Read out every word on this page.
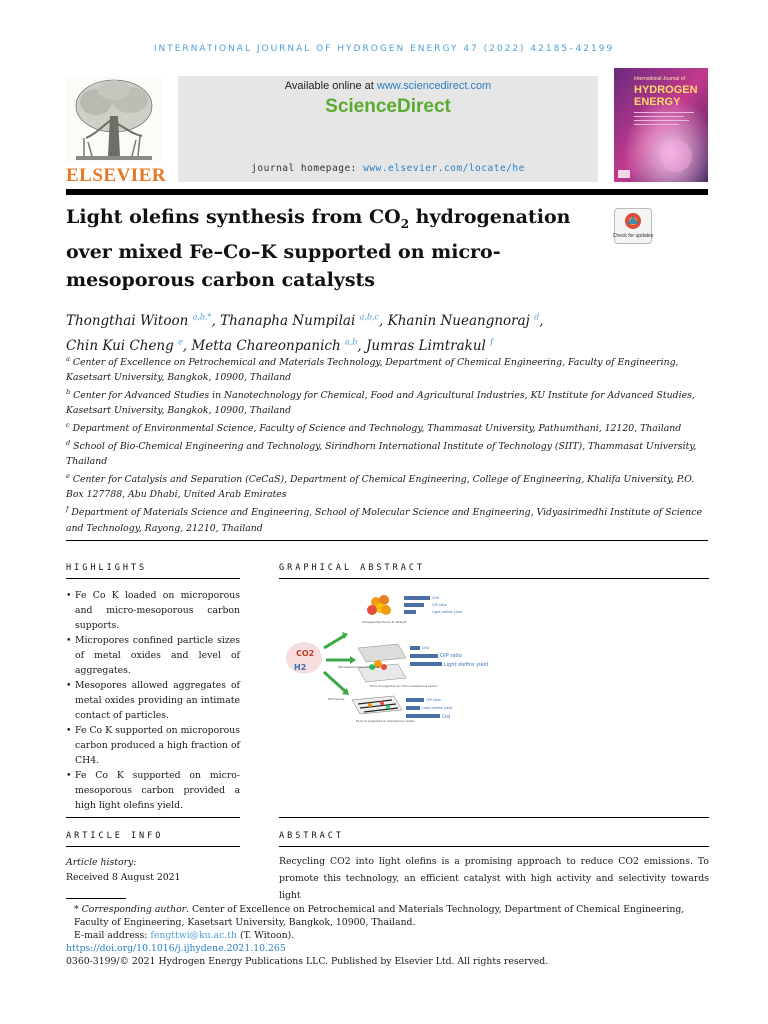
INTERNATIONAL JOURNAL OF HYDROGEN ENERGY 47 (2022) 42185–42199
ELSEVIER
Available online at www.sciencedirect.com
ScienceDirect
journal homepage: www.elsevier.com/locate/he
International Journal of
HYDROGEN
ENERGY
Light olefins synthesis from $CO_2$ hydrogenation over mixed Fe–Co–K supported on micro-mesoporous carbon catalysts
Check for updates
Thongthai Witoon $^{a,b,*}$, Thanapha Numpilai $^{a,b,c}$, Khanin Nueangnoraj $^d$,
Chin Kui Cheng $^e$, Metta Chareonpanich $^{a,b}$, Jumras Limtrakul $^f$

$^a$ Center of Excellence on Petrochemical and Materials Technology, Department of Chemical Engineering, Faculty of Engineering, Kasetsart University, Bangkok, 10900, Thailand

$^b$ Center for Advanced Studies in Nanotechnology for Chemical, Food and Agricultural Industries, KU Institute for Advanced Studies, Kasetsart University, Bangkok, 10900, Thailand

$^c$ Department of Environmental Science, Faculty of Science and Technology, Thammasat University, Pathumthani, 12120, Thailand

$^d$ School of Bio-Chemical Engineering and Technology, Sirindhorn International Institute of Technology (SIIT), Thammasat University, Thailand

$^e$ Center for Catalysis and Separation (CeCaS), Department of Chemical Engineering, College of Engineering, Khalifa University, P.O. Box 127788, Abu Dhabi, United Arab Emirates

$^f$ Department of Materials Science and Engineering, School of Molecular Science and Engineering, Vidyasirimedhi Institute of Science and Technology, Rayong, 21210, Thailand

HIGHLIGHTS
• Fe Co K loaded on microporous and micro-mesoporous carbon supports.
• Micropores confined particle sizes of metal oxides and level of aggregates.
• Mesopores allowed aggregates of metal oxides providing an intimate contact of particles.
• Fe Co K supported on microporous carbon produced a high fraction of CH4.
• Fe Co K supported on micro-mesoporous carbon provided a high light olefins yield.
GRAPHICAL ABSTRACT
CO2
H2
Unsupported Fe-Co-K catalyst
CH4
O/P ratio
Light olefins yield
Slit-shaped pores/ micropores
Fe-Co-K supported on micro-mesoporous carbon
CH4
O/P ratio
Light olefins yield
Micropores
Fe-Co-K supported on microporous carbon
O/P ratio
Light olefins yield
CH4
ARTICLE INFO
Article history:
Received 8 August 2021
ABSTRACT
Recycling CO2 into light olefins is a promising approach to reduce CO2 emissions. To promote this technology, an efficient catalyst with high activity and selectivity towards light

* Corresponding author. Center of Excellence on Petrochemical and Materials Technology, Department of Chemical Engineering, Faculty of Engineering, Kasetsart University, Bangkok, 10900, Thailand.

E-mail address: fengttwi@ku.ac.th (T. Witoon).

https://doi.org/10.1016/j.ijhydene.2021.10.265

0360-3199/© 2021 Hydrogen Energy Publications LLC. Published by Elsevier Ltd. All rights reserved.
